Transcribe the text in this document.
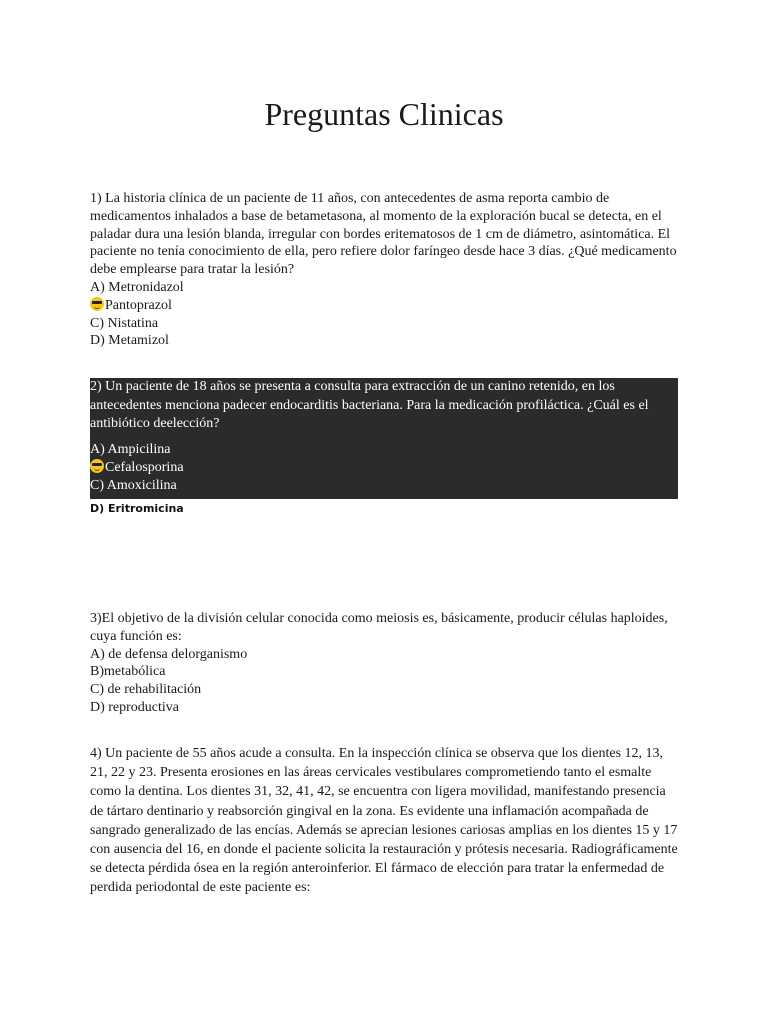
Preguntas Clinicas

1) La historia clínica de un paciente de 11 años, con antecedentes de asma reporta cambio de medicamentos inhalados a base de betametasona, al momento de la exploración bucal se detecta, en el paladar dura una lesión blanda, irregular con bordes eritematosos de 1 cm de diámetro, asintomática. El paciente no tenía conocimiento de ella, pero refiere dolor faríngeo desde hace 3 días. ¿Qué medicamento debe emplearse para tratar la lesión?

A) Metronidazol
Pantoprazol
C) Nistatina
D) Metamizol

2) Un paciente de 18 años se presenta a consulta para extracción de un canino retenido, en los antecedentes menciona padecer endocarditis bacteriana. Para la medicación profiláctica. ¿Cuál es el antibiótico deelección?

A) Ampicilina
Cefalosporina
C) Amoxicilina
D) Eritromicina

3)El objetivo de la división celular conocida como meiosis es, básicamente, producir células haploides, cuya función es:

A) de defensa delorganismo
B)metabólica
C) de rehabilitación
D) reproductiva

4) Un paciente de 55 años acude a consulta. En la inspección clínica se observa que los dientes 12, 13, 21, 22 y 23. Presenta erosiones en las áreas cervicales vestibulares comprometiendo tanto el esmalte como la dentina. Los dientes 31, 32, 41, 42, se encuentra con ligera movilidad, manifestando presencia de tártaro dentinario y reabsorción gingival en la zona. Es evidente una inflamación acompañada de sangrado generalizado de las encías. Además se aprecian lesiones cariosas amplias en los dientes 15 y 17 con ausencia del 16, en donde el paciente solicita la restauración y prótesis necesaria. Radiográficamente se detecta pérdida ósea en la región anteroinferior. El fármaco de elección para tratar la enfermedad de perdida periodontal de este paciente es:
